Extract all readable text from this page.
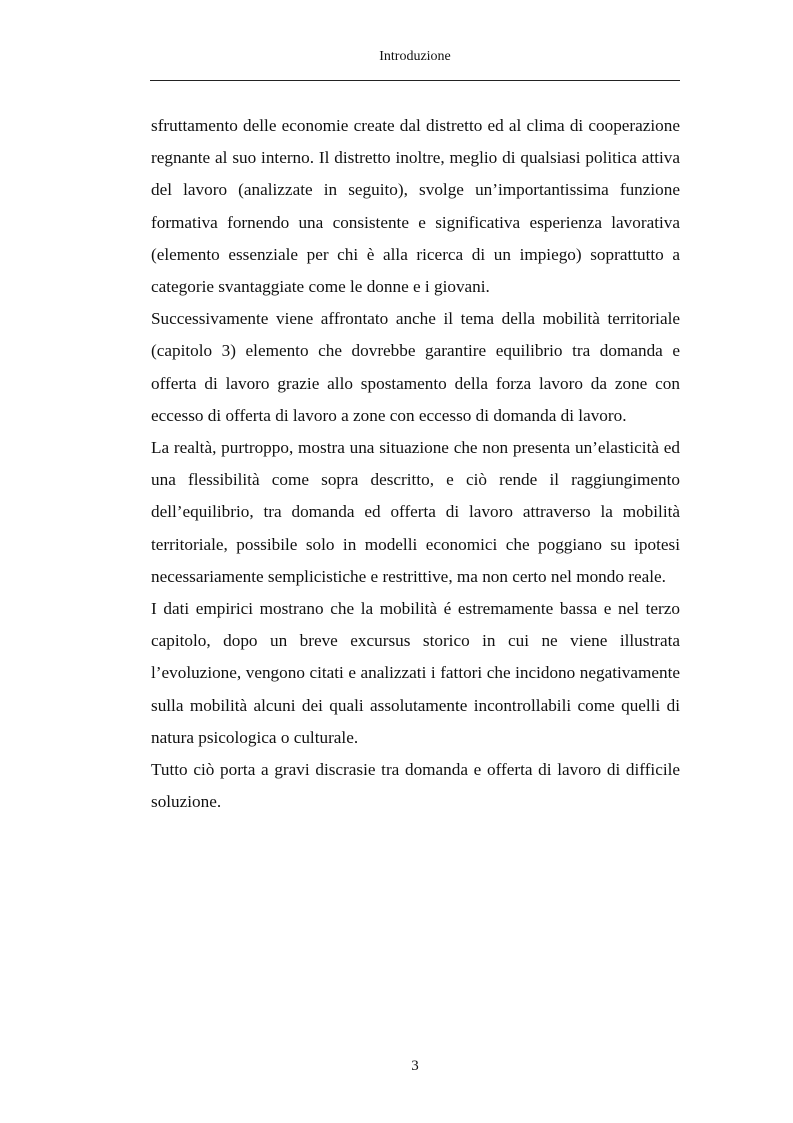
Introduzione

sfruttamento delle economie create dal distretto ed al clima di cooperazione regnante al suo interno. Il distretto inoltre, meglio di qualsiasi politica attiva del lavoro (analizzate in seguito), svolge un’importantissima funzione formativa fornendo una consistente e significativa esperienza lavorativa (elemento essenziale per chi è alla ricerca di un impiego) soprattutto a categorie svantaggiate come le donne e i giovani.

Successivamente viene affrontato anche il tema della mobilità territoriale (capitolo 3) elemento che dovrebbe garantire equilibrio tra domanda e offerta di lavoro grazie allo spostamento della forza lavoro da zone con eccesso di offerta di lavoro a zone con eccesso di domanda di lavoro.

La realtà, purtroppo, mostra una situazione che non presenta un’elasticità ed una flessibilità come sopra descritto, e ciò rende il raggiungimento dell’equilibrio, tra domanda ed offerta di lavoro attraverso la mobilità territoriale, possibile solo in modelli economici che poggiano su ipotesi necessariamente semplicistiche e restrittive, ma non certo nel mondo reale.

I dati empirici mostrano che la mobilità é estremamente bassa e nel terzo capitolo, dopo un breve excursus storico in cui ne viene illustrata l’evoluzione, vengono citati e analizzati i fattori che incidono negativamente sulla mobilità alcuni dei quali assolutamente incontrollabili come quelli di natura psicologica o culturale.

Tutto ciò porta a gravi discrasie tra domanda e offerta di lavoro di difficile soluzione.

3
